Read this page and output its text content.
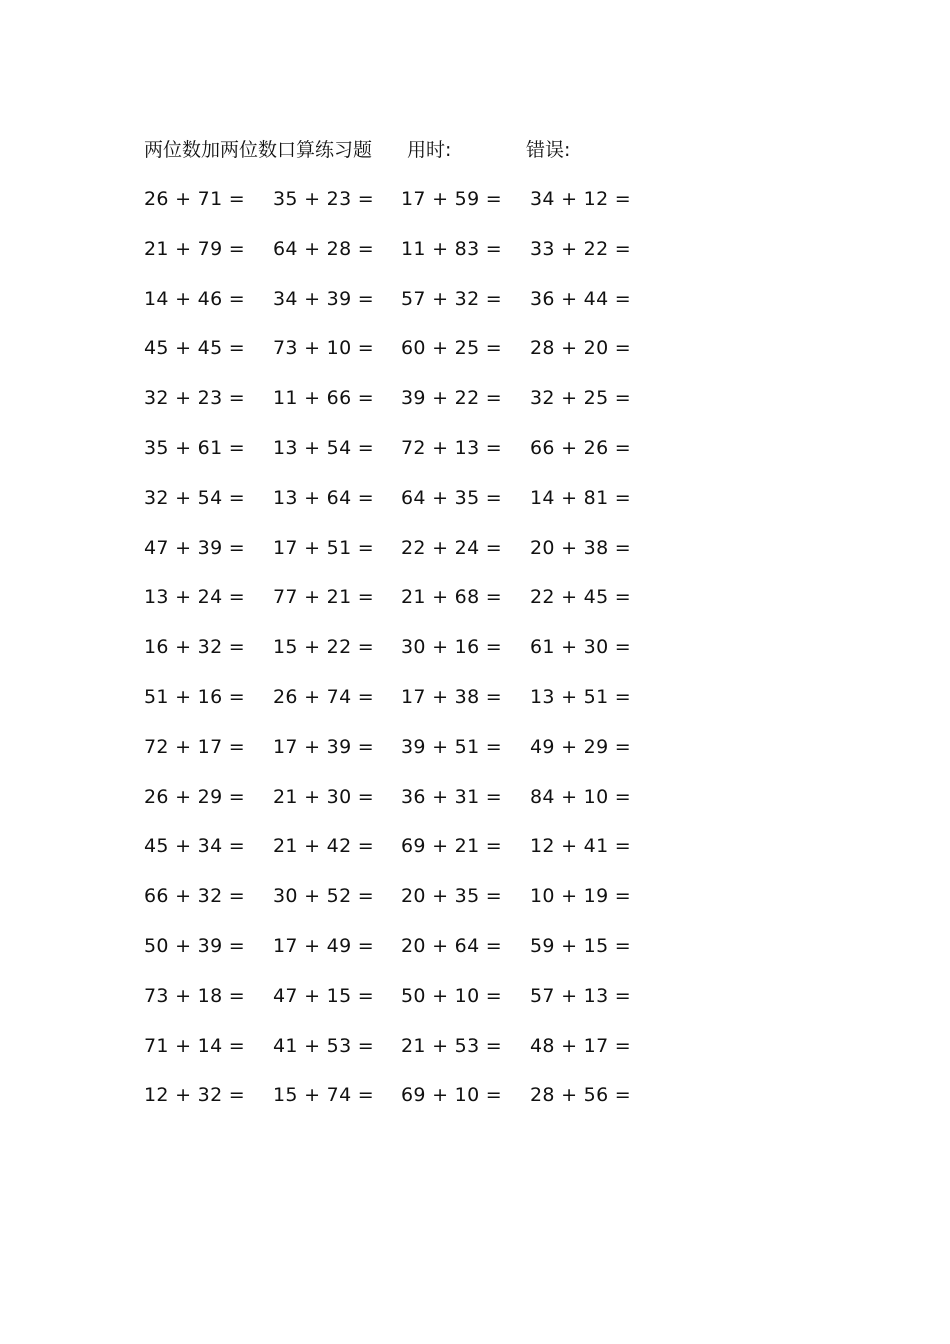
两位数加两位数口算练习题 用时:	错误:
26 + 71 = 35 + 23 = 17 + 59 = 34 + 12 =
21 + 79 = 64 + 28 = 11 + 83 = 33 + 22 =
14 + 46 = 34 + 39 = 57 + 32 = 36 + 44 =
45 + 45 = 73 + 10 = 60 + 25 = 28 + 20 =
32 + 23 = 11 + 66 = 39 + 22 = 32 + 25 =
35 + 61 = 13 + 54 = 72 + 13 = 66 + 26 =
32 + 54 = 13 + 64 = 64 + 35 = 14 + 81 =
47 + 39 = 17 + 51 = 22 + 24 = 20 + 38 =
13 + 24 = 77 + 21 = 21 + 68 = 22 + 45 =
16 + 32 = 15 + 22 = 30 + 16 = 61 + 30 =
51 + 16 = 26 + 74 = 17 + 38 = 13 + 51 =
72 + 17 = 17 + 39 = 39 + 51 = 49 + 29 =
26 + 29 = 21 + 30 = 36 + 31 = 84 + 10 =
45 + 34 = 21 + 42 = 69 + 21 = 12 + 41 =
66 + 32 = 30 + 52 = 20 + 35 = 10 + 19 =
50 + 39 = 17 + 49 = 20 + 64 = 59 + 15 =
73 + 18 = 47 + 15 = 50 + 10 = 57 + 13 =
71 + 14 = 41 + 53 = 21 + 53 = 48 + 17 =
12 + 32 = 15 + 74 = 69 + 10 = 28 + 56 =
